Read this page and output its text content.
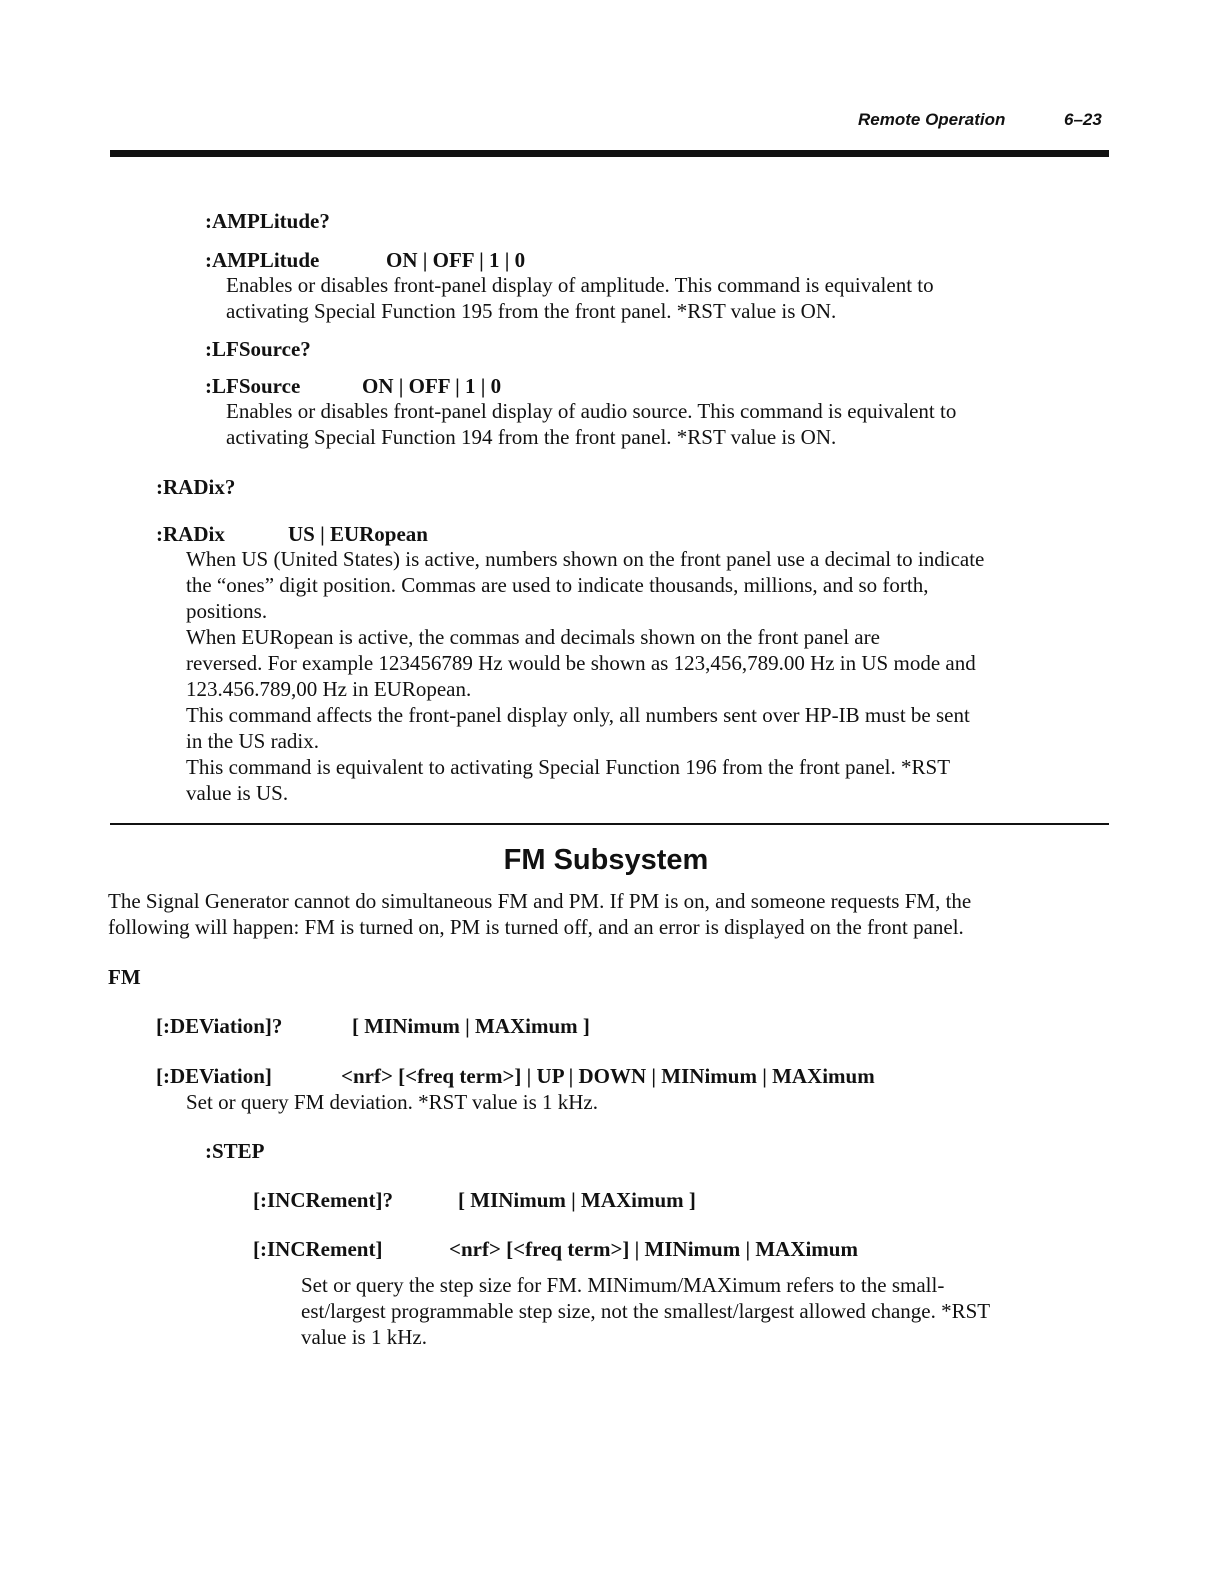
Remote Operation	6–23

:AMPLitude?

:AMPLitude	ON | OFF | 1 | 0

Enables or disables front-panel display of amplitude. This command is equivalent to
activating Special Function 195 from the front panel. *RST value is ON.

:LFSource?

:LFSource	ON | OFF | 1 | 0

Enables or disables front-panel display of audio source. This command is equivalent to
activating Special Function 194 from the front panel. *RST value is ON.

:RADix?

:RADix	US | EURopean

When US (United States) is active, numbers shown on the front panel use a decimal to indicate
the “ones” digit position. Commas are used to indicate thousands, millions, and so forth,
positions.
When EURopean is active, the commas and decimals shown on the front panel are
reversed. For example 123456789 Hz would be shown as 123,456,789.00 Hz in US mode and
123.456.789,00 Hz in EURopean.
This command affects the front-panel display only, all numbers sent over HP-IB must be sent
in the US radix.
This command is equivalent to activating Special Function 196 from the front panel. *RST
value is US.
FM Subsystem
The Signal Generator cannot do simultaneous FM and PM. If PM is on, and someone requests FM, the
following will happen: FM is turned on, PM is turned off, and an error is displayed on the front panel.

FM

[:DEViation]?	[ MINimum | MAXimum ]

[:DEViation]	<nrf> [<freq term>] | UP | DOWN | MINimum | MAXimum

Set or query FM deviation. *RST value is 1 kHz.

:STEP

[:INCRement]?	[ MINimum | MAXimum ]

[:INCRement]	<nrf> [<freq term>] | MINimum | MAXimum

Set or query the step size for FM. MINimum/MAXimum refers to the small-
est/largest programmable step size, not the smallest/largest allowed change. *RST
value is 1 kHz.
